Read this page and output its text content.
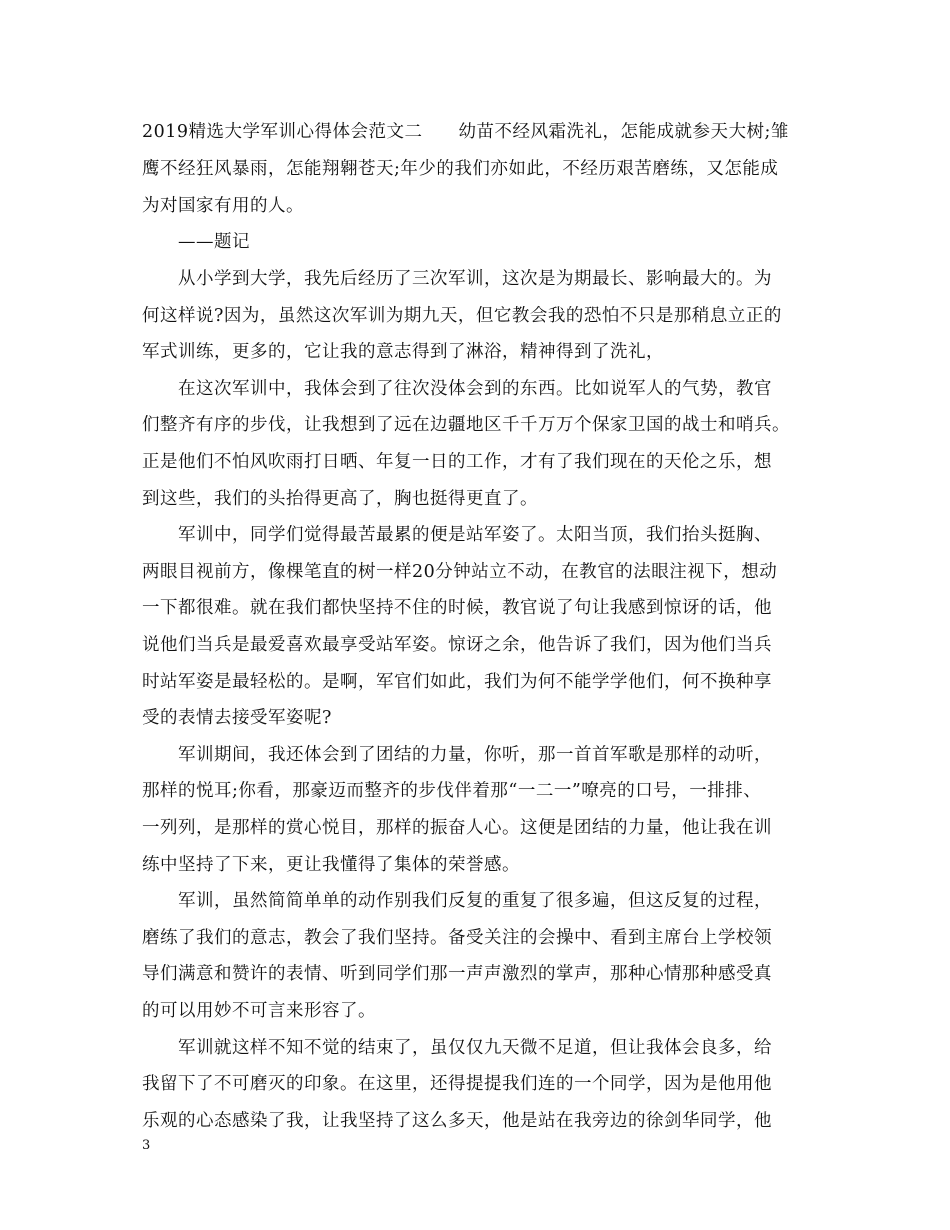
2019精选大学军训心得体会范文二　　幼苗不经风霜洗礼，怎能成就参天大树;雏
鹰不经狂风暴雨，怎能翔翱苍天;年少的我们亦如此，不经历艰苦磨练，又怎能成
为对国家有用的人。
——题记
从小学到大学，我先后经历了三次军训，这次是为期最长、影响最大的。为
何这样说?因为，虽然这次军训为期九天，但它教会我的恐怕不只是那稍息立正的
军式训练，更多的，它让我的意志得到了淋浴，精神得到了洗礼，
在这次军训中，我体会到了往次没体会到的东西。比如说军人的气势，教官
们整齐有序的步伐，让我想到了远在边疆地区千千万万个保家卫国的战士和哨兵。
正是他们不怕风吹雨打日晒、年复一日的工作，才有了我们现在的天伦之乐，想
到这些，我们的头抬得更高了，胸也挺得更直了。
军训中，同学们觉得最苦最累的便是站军姿了。太阳当顶，我们抬头挺胸、
两眼目视前方，像棵笔直的树一样20分钟站立不动，在教官的法眼注视下，想动
一下都很难。就在我们都快坚持不住的时候，教官说了句让我感到惊讶的话，他
说他们当兵是最爱喜欢最享受站军姿。惊讶之余，他告诉了我们，因为他们当兵
时站军姿是最轻松的。是啊，军官们如此，我们为何不能学学他们，何不换种享
受的表情去接受军姿呢?
军训期间，我还体会到了团结的力量，你听，那一首首军歌是那样的动听，
那样的悦耳;你看，那豪迈而整齐的步伐伴着那“一二一”嘹亮的口号，一排排、
一列列，是那样的赏心悦目，那样的振奋人心。这便是团结的力量，他让我在训
练中坚持了下来，更让我懂得了集体的荣誉感。
军训，虽然简简单单的动作别我们反复的重复了很多遍，但这反复的过程，
磨练了我们的意志，教会了我们坚持。备受关注的会操中、看到主席台上学校领
导们满意和赞许的表情、听到同学们那一声声激烈的掌声，那种心情那种感受真
的可以用妙不可言来形容了。
军训就这样不知不觉的结束了，虽仅仅九天微不足道，但让我体会良多，给
我留下了不可磨灭的印象。在这里，还得提提我们连的一个同学，因为是他用他
乐观的心态感染了我，让我坚持了这么多天，他是站在我旁边的徐剑华同学，他
3
